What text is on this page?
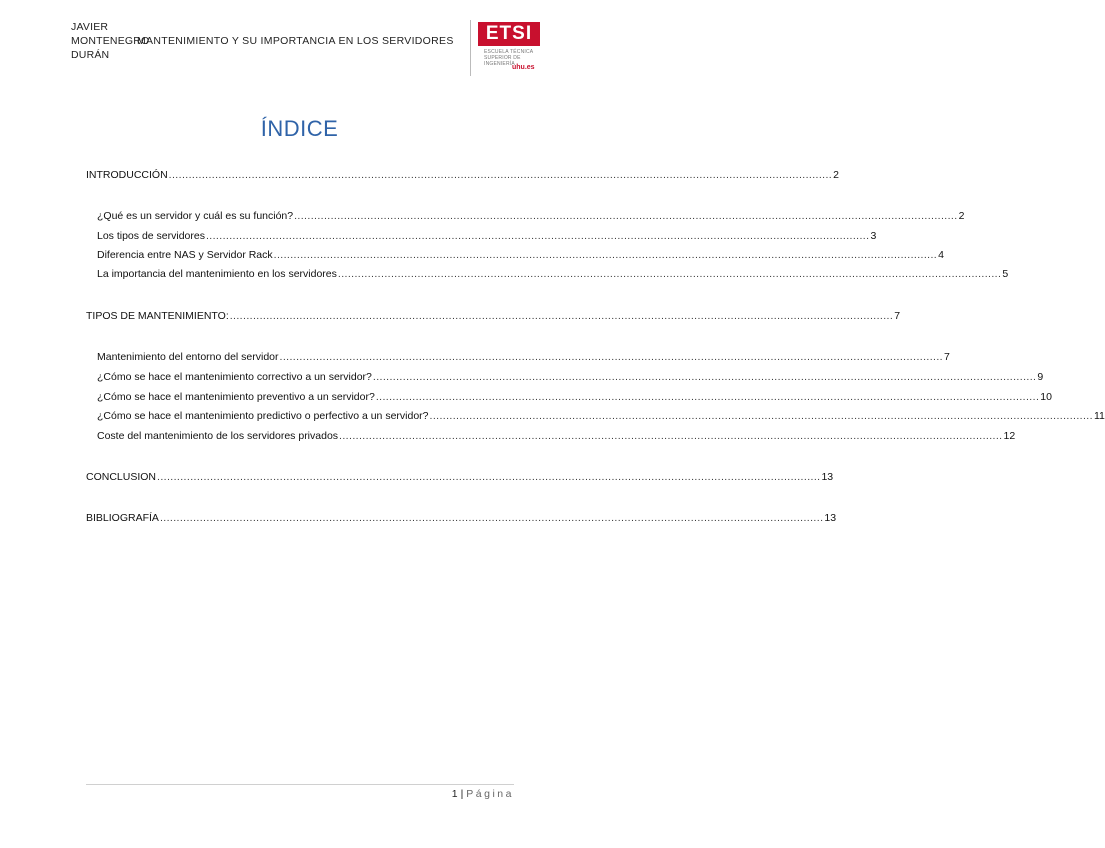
JAVIER
MONTENEGRO
DURÁN
MANTENIMIENTO Y SU IMPORTANCIA EN LOS SERVIDORES	ETSI
ESCUELA TÉCNICA SUPERIOR DE INGENIERÍA
uhu.es
ÍNDICE
INTRODUCCIÓN ........................................................................................................................................................................................................ 2
¿Qué es un servidor y cuál es su función? ........................................................................................................................................................................................................ 2
Los tipos de servidores ........................................................................................................................................................................................................ 3
Diferencia entre NAS y Servidor Rack ........................................................................................................................................................................................................ 4
La importancia del mantenimiento en los servidores ........................................................................................................................................................................................................ 5
TIPOS DE MANTENIMIENTO: ........................................................................................................................................................................................................ 7
Mantenimiento del entorno del servidor ........................................................................................................................................................................................................ 7
¿Cómo se hace el mantenimiento correctivo a un servidor? ........................................................................................................................................................................................................ 9
¿Cómo se hace el mantenimiento preventivo a un servidor? ........................................................................................................................................................................................................ 10
¿Cómo se hace el mantenimiento predictivo o perfectivo a un servidor? ........................................................................................................................................................................................................ 11
Coste del mantenimiento de los servidores privados ........................................................................................................................................................................................................ 12
CONCLUSION ........................................................................................................................................................................................................ 13
BIBLIOGRAFÍA ........................................................................................................................................................................................................ 13
1 | Página
